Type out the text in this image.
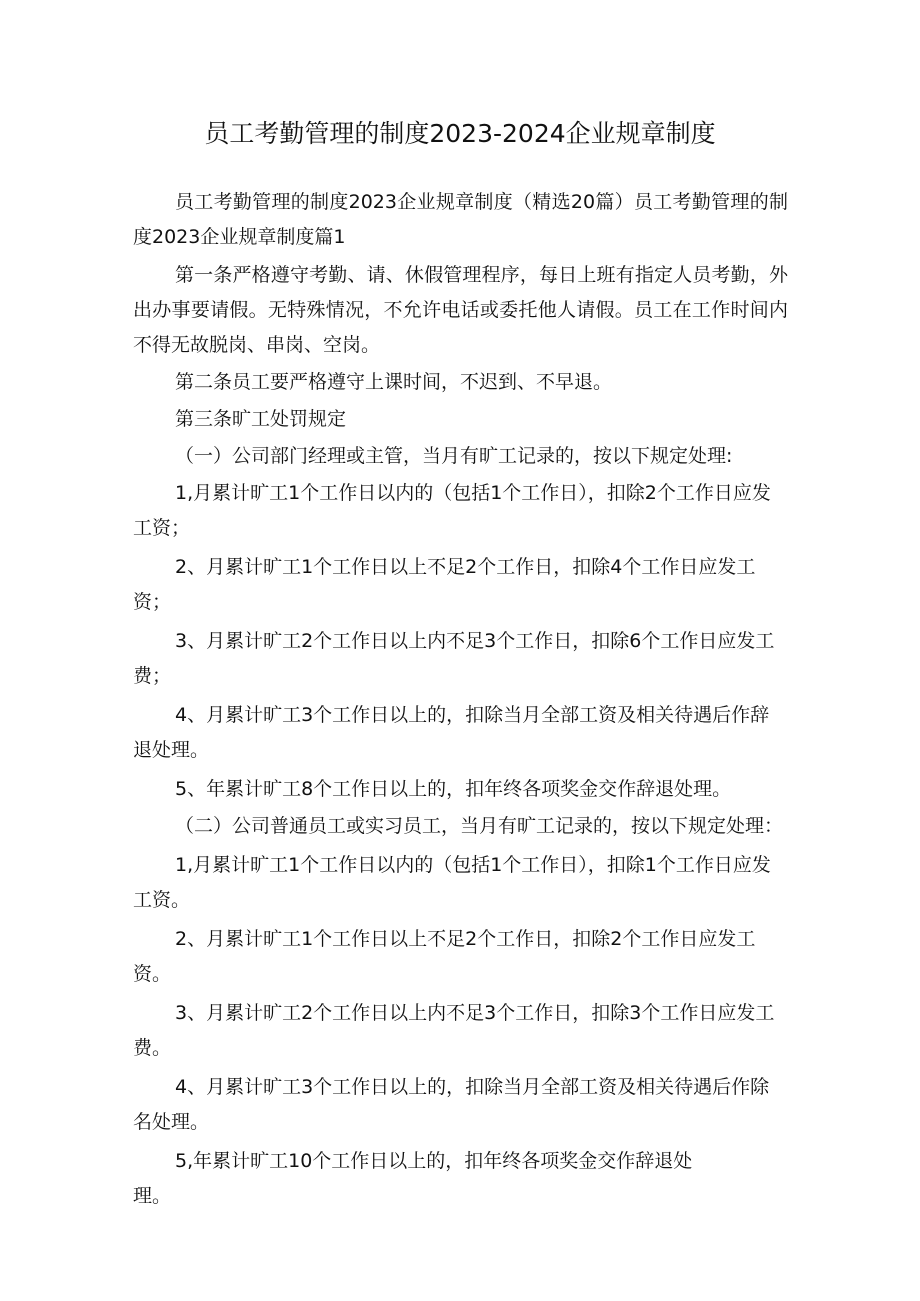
员工考勤管理的制度2023-2024企业规章制度

员工考勤管理的制度2023企业规章制度（精选20篇）员工考勤管理的制度2023企业规章制度篇1

第一条严格遵守考勤、请、休假管理程序，每日上班有指定人员考勤，外出办事要请假。无特殊情况，不允许电话或委托他人请假。员工在工作时间内不得无故脱岗、串岗、空岗。

第二条员工要严格遵守上课时间，不迟到、不早退。

第三条旷工处罚规定

（一）公司部门经理或主管，当月有旷工记录的，按以下规定处理:

1,月累计旷工1个工作日以内的（包括1个工作日），扣除2个工作日应发工资；

2、月累计旷工1个工作日以上不足2个工作日，扣除4个工作日应发工资；

3、月累计旷工2个工作日以上内不足3个工作日，扣除6个工作日应发工费；

4、月累计旷工3个工作日以上的，扣除当月全部工资及相关待遇后作辞退处理。

5、年累计旷工8个工作日以上的，扣年终各项奖金交作辞退处理。

（二）公司普通员工或实习员工，当月有旷工记录的，按以下规定处理：

1,月累计旷工1个工作日以内的（包括1个工作日），扣除1个工作日应发工资。

2、月累计旷工1个工作日以上不足2个工作日，扣除2个工作日应发工资。

3、月累计旷工2个工作日以上内不足3个工作日，扣除3个工作日应发工费。

4、月累计旷工3个工作日以上的，扣除当月全部工资及相关待遇后作除名处理。

5,年累计旷工10个工作日以上的，扣年终各项奖金交作辞退处理。
